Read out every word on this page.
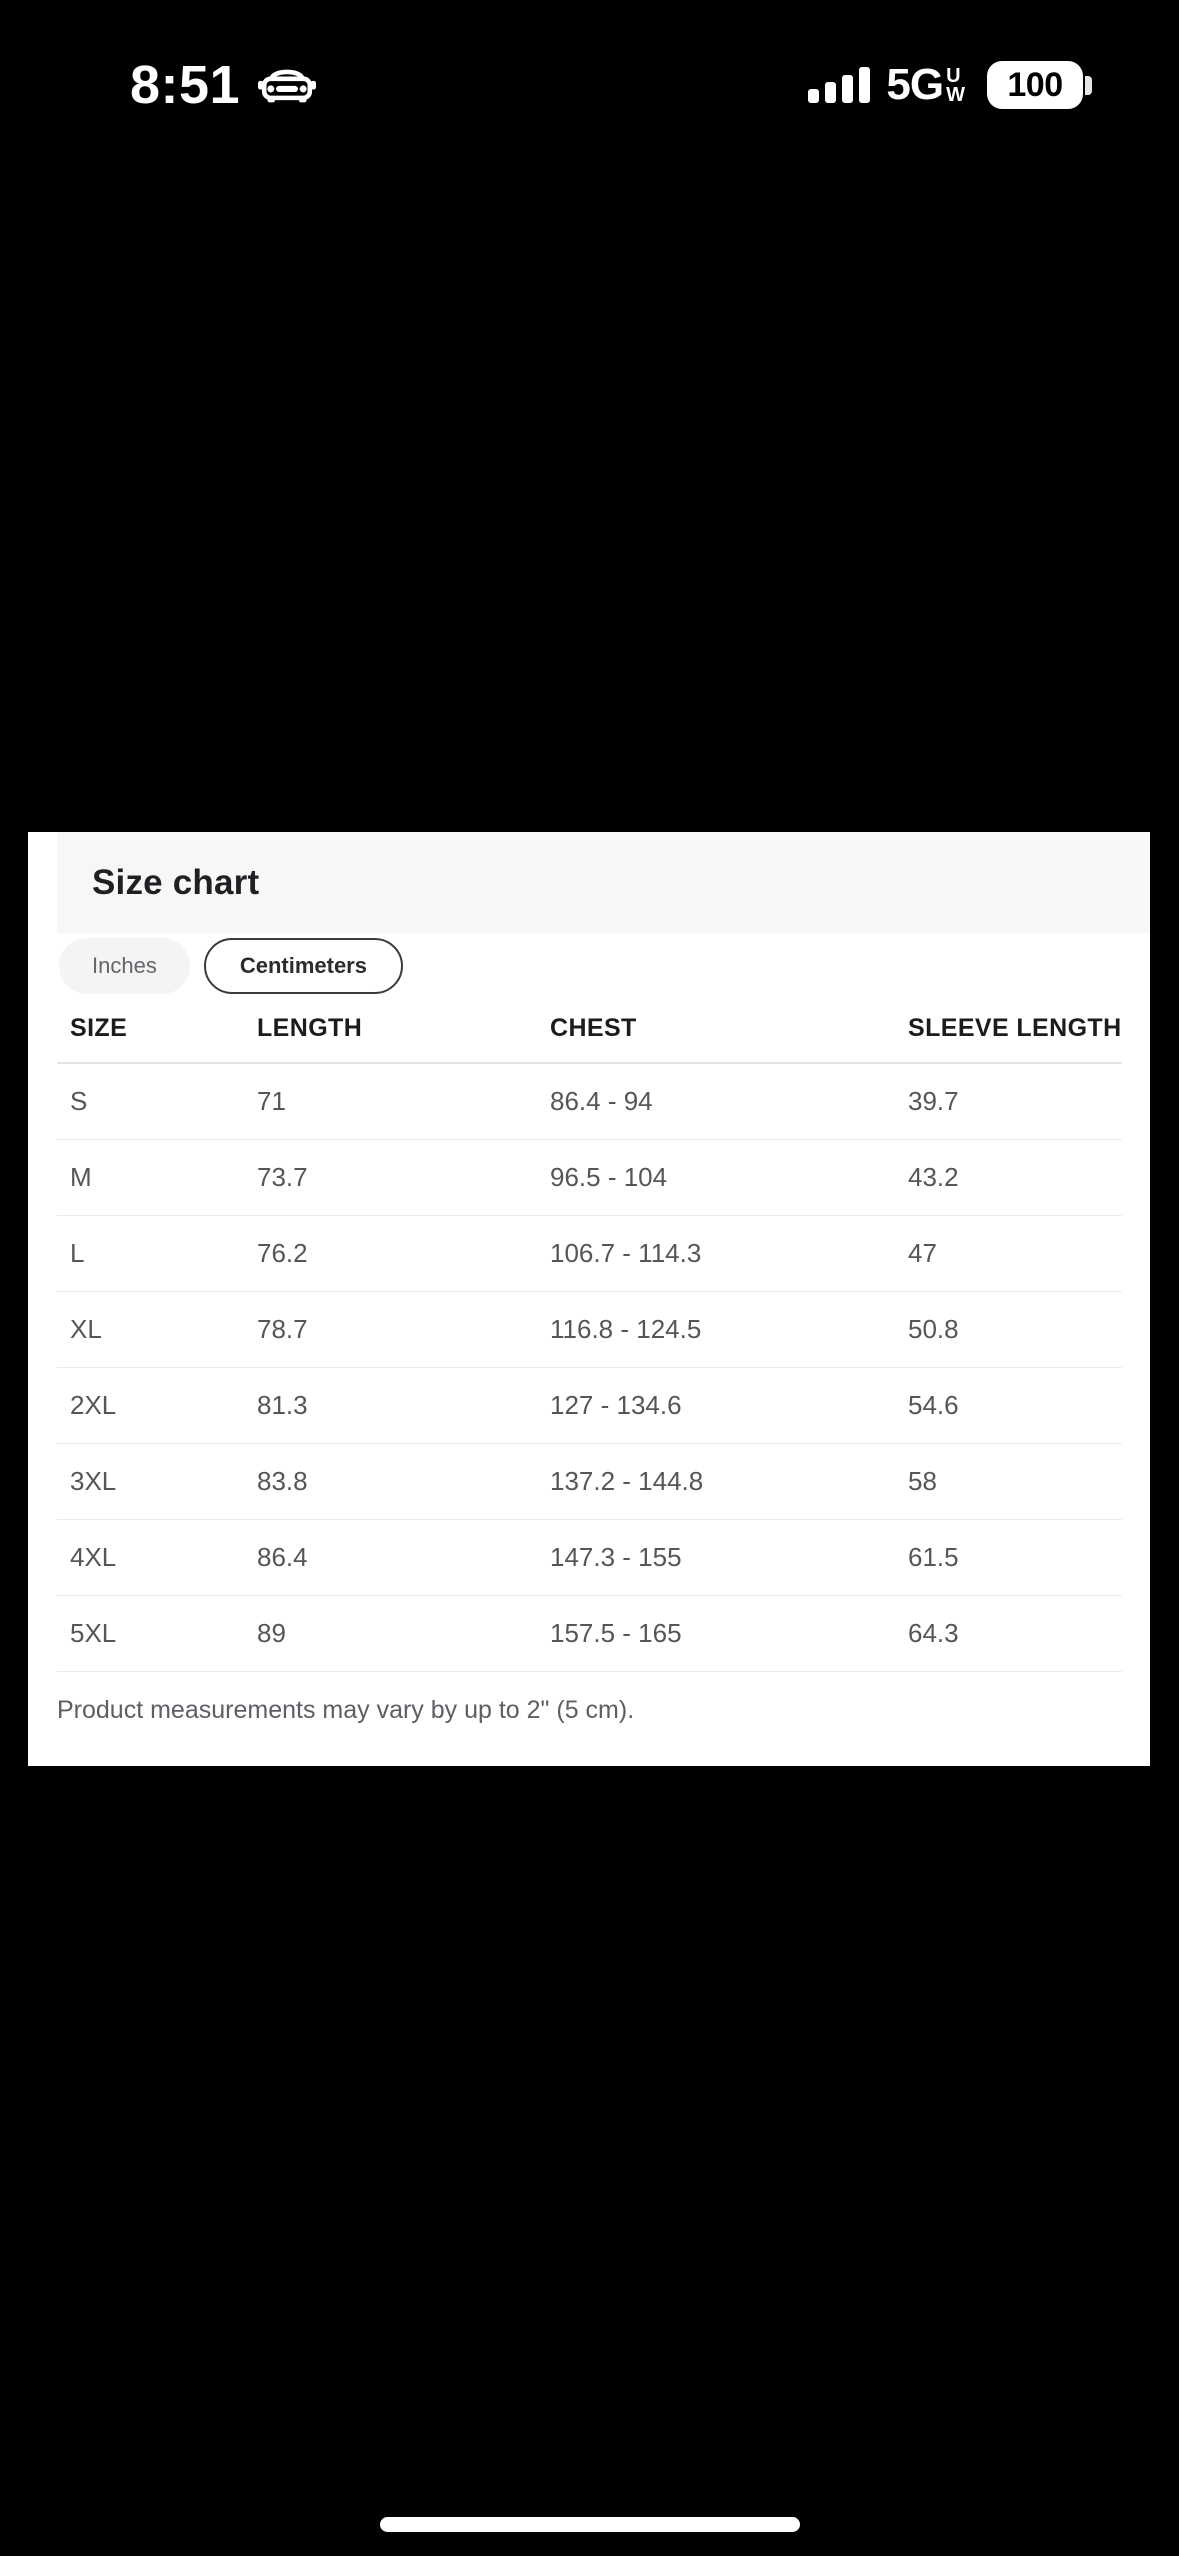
8:51	5G U
W	100
Size chart
Inches	Centimeters
SIZE	LENGTH	CHEST	SLEEVE LENGTH
S	71	86.4 - 94	39.7
M	73.7	96.5 - 104	43.2
L	76.2	106.7 - 114.3	47
XL	78.7	116.8 - 124.5	50.8
2XL	81.3	127 - 134.6	54.6
3XL	83.8	137.2 - 144.8	58
4XL	86.4	147.3 - 155	61.5
5XL	89	157.5 - 165	64.3

Product measurements may vary by up to 2" (5 cm).
